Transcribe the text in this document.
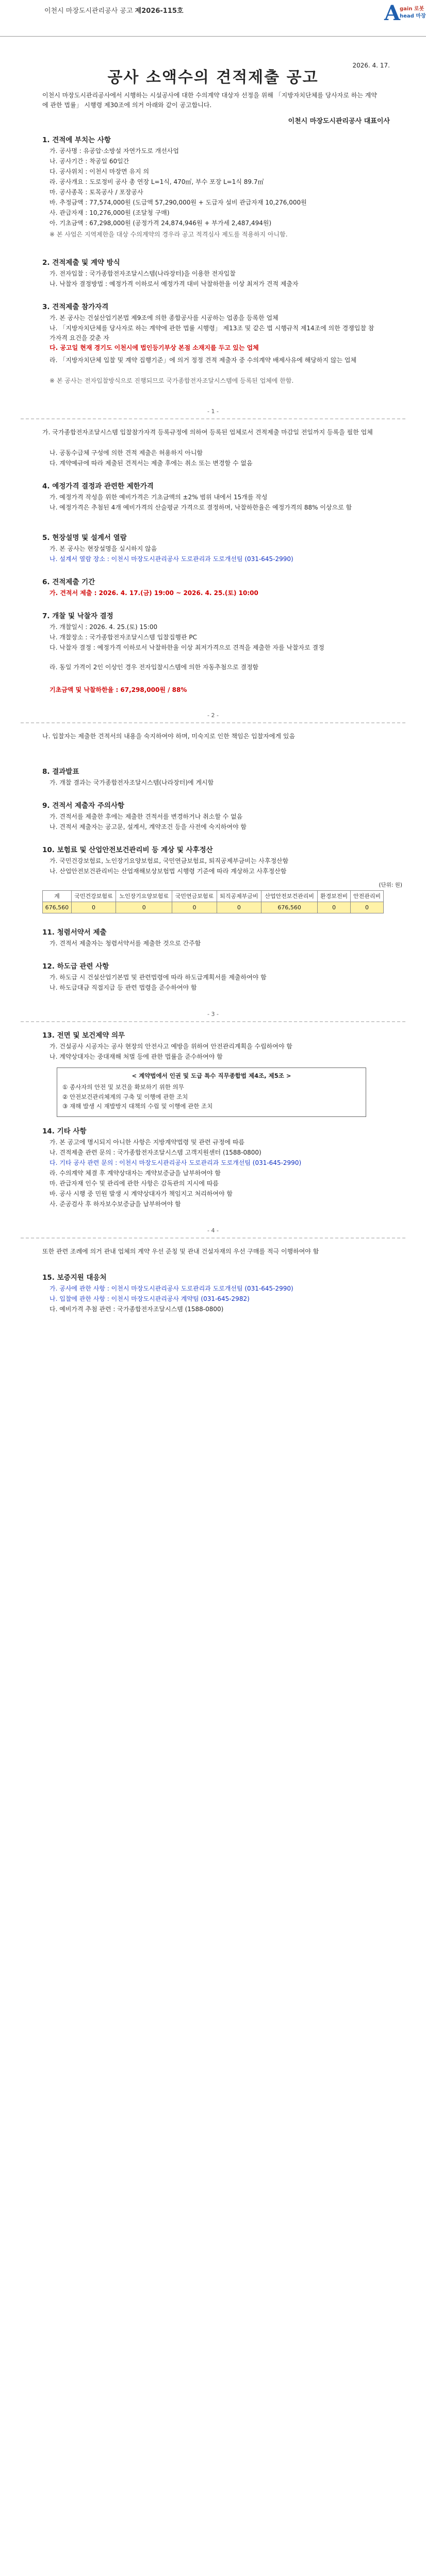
이천시 마장도시관리공사 공고 제2026-115호	A
gain 로봇
head 마장
2026. 4. 17.
공사 소액수의 견적제출 공고
이천시 마장도시관리공사에서 시행하는 시설공사에 대한 수의계약 대상자 선정을 위해 「지방자치단체를 당사자로 하는 계약에 관한 법률」 시행령 제30조에 의거 아래와 같이 공고합니다.
이천시 마장도시관리공사 대표이사
1. 견적에 부치는 사항
가. 공사명 : 유공압·소방설 자연가도로 개선사업
나. 공사기간 : 착공일 60일간
다. 공사위치 : 이천시 마장면 유지 의
라. 공사개요 : 도로정비 공사 총 연장 L=1식, 470㎡, 부수 포장 L=1식 89.7㎡
마. 공사종목 : 토목공사 / 포장공사
바. 추정금액 : 77,574,000원 (도급액 57,290,000원 + 도급자 설비 관급자재 10,276,000원
사. 관급자재 : 10,276,000원 (조달청 구매)
아. 기초금액 : 67,298,000원 (공정가격 24,874,946원 + 부가세 2,487,494원)
※ 본 사업은 지역제한을 대상 수의계약의 경우라 공고 적격심사 제도를 적용하지 아니함.
2. 견적제출 및 계약 방식
가. 전자입찰 : 국가종합전자조달시스템(나라장터)을 이용한 전자입찰
나. 낙찰자 결정방법 : 예정가격 이하로서 예정가격 대비 낙찰하한율 이상 최저가 견적 제출자
3. 견적제출 참가자격
가. 본 공사는 건설산업기본법 제9조에 의한 종합공사를 시공하는 업종을 등록한 업체
나. 「지방자치단체를 당사자로 하는 계약에 관한 법률 시행령」 제13조 및 같은 법 시행규칙 제14조에 의한 경쟁입찰 참가자격 요건을 갖춘 자
다. 공고일 현재 경기도 이천시에 법인등기부상 본점 소재지를 두고 있는 업체
라. 「지방자치단체 입찰 및 계약 집행기준」에 의거 정정 견적 제출자 중 수의계약 배제사유에 해당하지 않는 업체
※ 본 공사는 전자입찰방식으로 진행되므로 국가종합전자조달시스템에 등록된 업체에 한함.
- 1 -
가. 국가종합전자조달시스템 입찰참가자격 등록규정에 의하여 등록된 업체로서 견적제출 마감일 전일까지 등록을 필한 업체
나. 공동수급체 구성에 의한 견적 제출은 허용하지 아니함
다. 계약예규에 따라 제출된 견적서는 제출 후에는 취소 또는 변경할 수 없음
4. 예정가격 결정과 관련한 제한가격
가. 예정가격 작성을 위한 예비가격은 기초금액의 ±2% 범위 내에서 15개를 작성
나. 예정가격은 추첨된 4개 예비가격의 산술평균 가격으로 결정하며, 낙찰하한율은 예정가격의 88% 이상으로 함
5. 현장설명 및 설계서 열람
가. 본 공사는 현장설명을 실시하지 않음
나. 설계서 열람 장소 : 이천시 마장도시관리공사 도로관리과 도로개선팀 (031-645-2990)
6. 견적제출 기간
가. 견적서 제출 : 2026. 4. 17.(금) 19:00 ~ 2026. 4. 25.(토) 10:00
7. 개찰 및 낙찰자 결정
가. 개찰일시 : 2026. 4. 25.(토) 15:00
나. 개찰장소 : 국가종합전자조달시스템 입찰집행관 PC
다. 낙찰자 결정 : 예정가격 이하로서 낙찰하한율 이상 최저가격으로 견적을 제출한 자를 낙찰자로 결정
라. 동일 가격이 2인 이상인 경우 전자입찰시스템에 의한 자동추첨으로 결정함
기초금액 및 낙찰하한율 : 67,298,000원 / 88%
- 2 -
나. 입찰자는 제출한 견적서의 내용을 숙지하여야 하며, 미숙지로 인한 책임은 입찰자에게 있음
8. 결과발표
가. 개찰 결과는 국가종합전자조달시스템(나라장터)에 게시함
9. 견적서 제출자 주의사항
가. 견적서를 제출한 후에는 제출한 견적서를 변경하거나 취소할 수 없음
나. 견적서 제출자는 공고문, 설계서, 계약조건 등을 사전에 숙지하여야 함
10. 보험료 및 산업안전보건관리비 등 계상 및 사후정산
가. 국민건강보험료, 노인장기요양보험료, 국민연금보험료, 퇴직공제부금비는 사후정산함
나. 산업안전보건관리비는 산업재해보상보험법 시행령 기준에 따라 계상하고 사후정산함
(단위: 원)
계	국민건강보험료	노인장기요양보험료	국민연금보험료	퇴직공제부금비	산업안전보건관리비	환경보전비	안전관리비
676,560	0	0	0	0	676,560	0	0
11. 청렴서약서 제출
가. 견적서 제출자는 청렴서약서를 제출한 것으로 간주함
12. 하도급 관련 사항
가. 하도급 시 건설산업기본법 및 관련법령에 따라 하도급계획서를 제출하여야 함
나. 하도급대금 직접지급 등 관련 법령을 준수하여야 함
- 3 -
13. 전면 및 보건제약 의무
가. 건설공사 시공자는 공사 현장의 안전사고 예방을 위하여 안전관리계획을 수립하여야 함
나. 계약상대자는 중대재해 처벌 등에 관한 법률을 준수하여야 함
< 계약법에서 인권 및 도급 특수 직무종합법 제4조, 제5조 >
① 종사자의 안전 및 보건을 확보하기 위한 의무
② 안전보건관리체계의 구축 및 이행에 관한 조치
③ 재해 발생 시 재발방지 대책의 수립 및 이행에 관한 조치
14. 기타 사항
가. 본 공고에 명시되지 아니한 사항은 지방계약법령 및 관련 규정에 따름
나. 견적제출 관련 문의 : 국가종합전자조달시스템 고객지원센터 (1588-0800)
다. 기타 공사 관련 문의 : 이천시 마장도시관리공사 도로관리과 도로개선팀 (031-645-2990)
라. 수의계약 체결 후 계약상대자는 계약보증금을 납부하여야 함
마. 관급자재 인수 및 관리에 관한 사항은 감독관의 지시에 따름
바. 공사 시행 중 민원 발생 시 계약상대자가 책임지고 처리하여야 함
사. 준공검사 후 하자보수보증금을 납부하여야 함
- 4 -
또한 관련 조례에 의거 관내 업체의 계약 우선 준칭 및 관내 건설자재의 우선 구매를 적극 이행하여야 함
15. 보증지원 대응처
가. 공사에 관한 사항 : 이천시 마장도시관리공사 도로관리과 도로개선팀 (031-645-2990)
나. 입찰에 관한 사항 : 이천시 마장도시관리공사 계약팀 (031-645-2982)
다. 예비가격 추첨 관련 : 국가종합전자조달시스템 (1588-0800)
